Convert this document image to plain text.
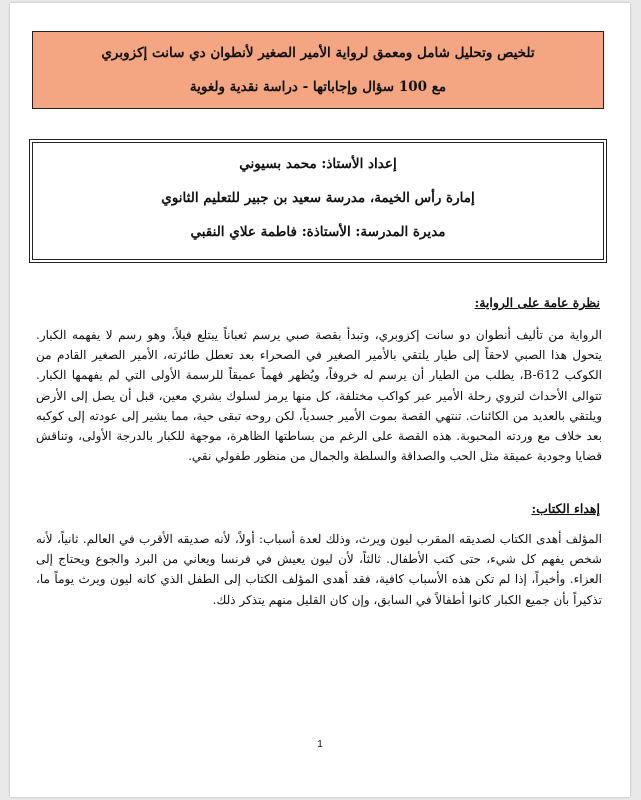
تلخيص وتحليل شامل ومعمق لرواية الأمير الصغير لأنطوان دي سانت إكزوبري
مع 100 سؤال وإجاباتها - دراسة نقدية ولغوية
إعداد الأستاذ: محمد بسيوني
إمارة رأس الخيمة، مدرسة سعيد بن جبير للتعليم الثانوي
مديرة المدرسة: الأستاذة: فاطمة علاي النقبي
نظرة عامة على الرواية:
الرواية من تأليف أنطوان دو سانت إكزوبري، وتبدأ بقصة صبي يرسم ثعباناً يبتلع فيلاً، وهو رسم لا يفهمه الكبار. يتحول هذا الصبي لاحقاً إلى طيار يلتقي بالأمير الصغير في الصحراء بعد تعطل طائرته، الأمير الصغير القادم من الكوكب B-612، يطلب من الطيار أن يرسم له خروفاً، ويُظهر فهماً عميقاً للرسمة الأولى التي لم يفهمها الكبار. تتوالى الأحداث لتروي رحلة الأمير عبر كواكب مختلفة، كل منها يرمز لسلوك بشري معين، قبل أن يصل إلى الأرض ويلتقي بالعديد من الكائنات. تنتهي القصة بموت الأمير جسدياً، لكن روحه تبقى حية، مما يشير إلى عودته إلى كوكبه بعد خلاف مع وردته المحبوبة. هذه القصة على الرغم من بساطتها الظاهرة، موجهة للكبار بالدرجة الأولى، وتناقش قضايا وجودية عميقة مثل الحب والصداقة والسلطة والجمال من منظور طفولي نقي.
إهداء الكتاب:
المؤلف أهدى الكتاب لصديقه المقرب ليون ويرث، وذلك لعدة أسباب: أولاً، لأنه صديقه الأقرب في العالم. ثانياً، لأنه شخص يفهم كل شيء، حتى كتب الأطفال. ثالثاً، لأن ليون يعيش في فرنسا ويعاني من البرد والجوع ويحتاج إلى العزاء. وأخيراً، إذا لم تكن هذه الأسباب كافية، فقد أهدى المؤلف الكتاب إلى الطفل الذي كانه ليون ويرث يوماً ما، تذكيراً بأن جميع الكبار كانوا أطفالاً في السابق، وإن كان القليل منهم يتذكر ذلك.
1
